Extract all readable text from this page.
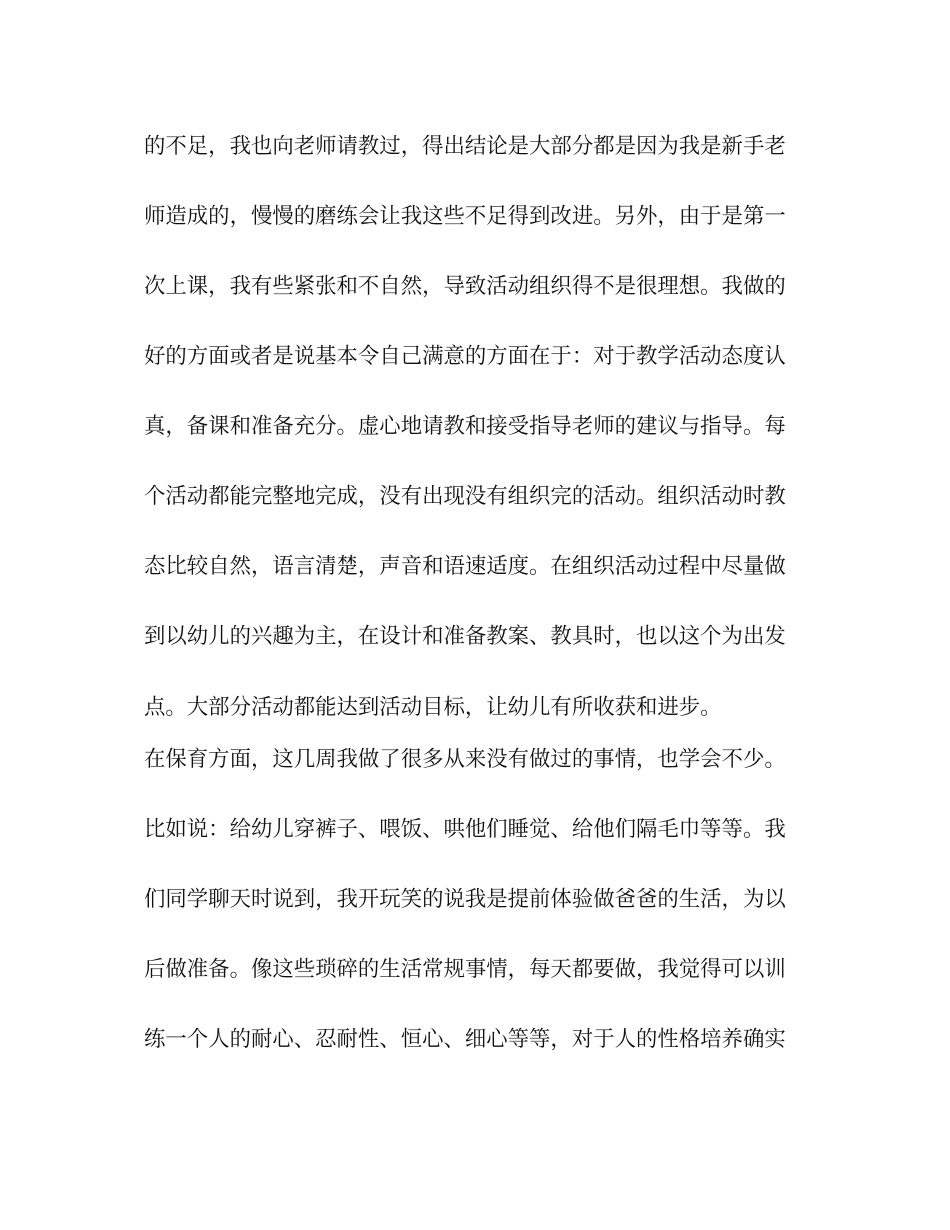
的不足，我也向老师请教过，得出结论是大部分都是因为我是新手老
师造成的，慢慢的磨练会让我这些不足得到改进。另外，由于是第一
次上课，我有些紧张和不自然，导致活动组织得不是很理想。我做的
好的方面或者是说基本令自己满意的方面在于：对于教学活动态度认
真，备课和准备充分。虚心地请教和接受指导老师的建议与指导。每
个活动都能完整地完成，没有出现没有组织完的活动。组织活动时教
态比较自然，语言清楚，声音和语速适度。在组织活动过程中尽量做
到以幼儿的兴趣为主，在设计和准备教案、教具时，也以这个为出发
点。大部分活动都能达到活动目标，让幼儿有所收获和进步。
在保育方面，这几周我做了很多从来没有做过的事情，也学会不少。
比如说：给幼儿穿裤子、喂饭、哄他们睡觉、给他们隔毛巾等等。我
们同学聊天时说到，我开玩笑的说我是提前体验做爸爸的生活，为以
后做准备。像这些琐碎的生活常规事情，每天都要做，我觉得可以训
练一个人的耐心、忍耐性、恒心、细心等等，对于人的性格培养确实
